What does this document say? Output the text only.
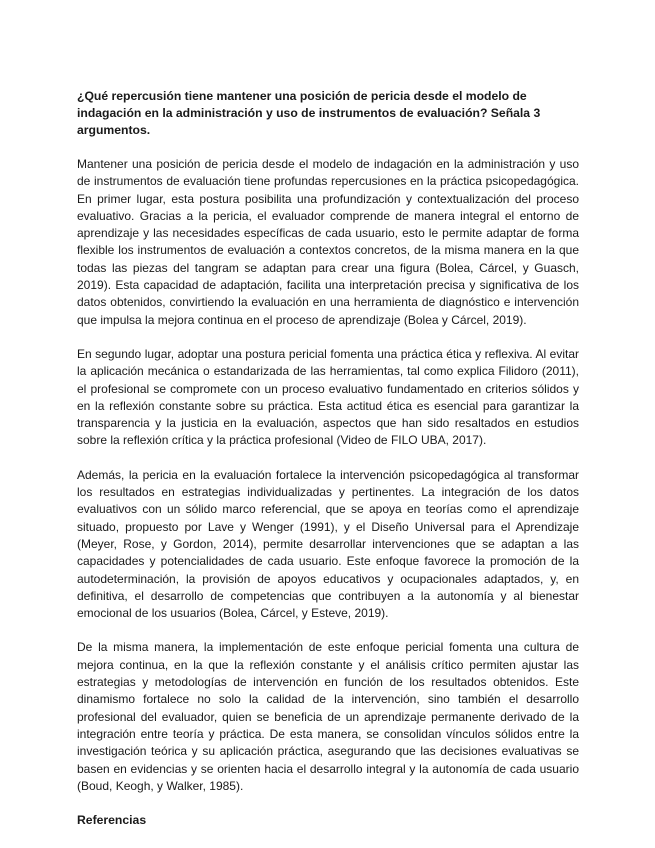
¿Qué repercusión tiene mantener una posición de pericia desde el modelo de indagación en la administración y uso de instrumentos de evaluación? Señala 3 argumentos.

Mantener una posición de pericia desde el modelo de indagación en la administración y uso de instrumentos de evaluación tiene profundas repercusiones en la práctica psicopedagógica. En primer lugar, esta postura posibilita una profundización y contextualización del proceso evaluativo. Gracias a la pericia, el evaluador comprende de manera integral el entorno de aprendizaje y las necesidades específicas de cada usuario, esto le permite adaptar de forma flexible los instrumentos de evaluación a contextos concretos, de la misma manera en la que todas las piezas del tangram se adaptan para crear una figura (Bolea, Cárcel, y Guasch, 2019). Esta capacidad de adaptación, facilita una interpretación precisa y significativa de los datos obtenidos, convirtiendo la evaluación en una herramienta de diagnóstico e intervención que impulsa la mejora continua en el proceso de aprendizaje (Bolea y Cárcel, 2019).

En segundo lugar, adoptar una postura pericial fomenta una práctica ética y reflexiva. Al evitar la aplicación mecánica o estandarizada de las herramientas, tal como explica Filidoro (2011), el profesional se compromete con un proceso evaluativo fundamentado en criterios sólidos y en la reflexión constante sobre su práctica. Esta actitud ética es esencial para garantizar la transparencia y la justicia en la evaluación, aspectos que han sido resaltados en estudios sobre la reflexión crítica y la práctica profesional (Video de FILO UBA, 2017).

Además, la pericia en la evaluación fortalece la intervención psicopedagógica al transformar los resultados en estrategias individualizadas y pertinentes. La integración de los datos evaluativos con un sólido marco referencial, que se apoya en teorías como el aprendizaje situado, propuesto por Lave y Wenger (1991), y el Diseño Universal para el Aprendizaje (Meyer, Rose, y Gordon, 2014), permite desarrollar intervenciones que se adaptan a las capacidades y potencialidades de cada usuario. Este enfoque favorece la promoción de la autodeterminación, la provisión de apoyos educativos y ocupacionales adaptados, y, en definitiva, el desarrollo de competencias que contribuyen a la autonomía y al bienestar emocional de los usuarios (Bolea, Cárcel, y Esteve, 2019).

De la misma manera, la implementación de este enfoque pericial fomenta una cultura de mejora continua, en la que la reflexión constante y el análisis crítico permiten ajustar las estrategias y metodologías de intervención en función de los resultados obtenidos. Este dinamismo fortalece no solo la calidad de la intervención, sino también el desarrollo profesional del evaluador, quien se beneficia de un aprendizaje permanente derivado de la integración entre teoría y práctica. De esta manera, se consolidan vínculos sólidos entre la investigación teórica y su aplicación práctica, asegurando que las decisiones evaluativas se basen en evidencias y se orienten hacia el desarrollo integral y la autonomía de cada usuario (Boud, Keogh, y Walker, 1985).

Referencias
